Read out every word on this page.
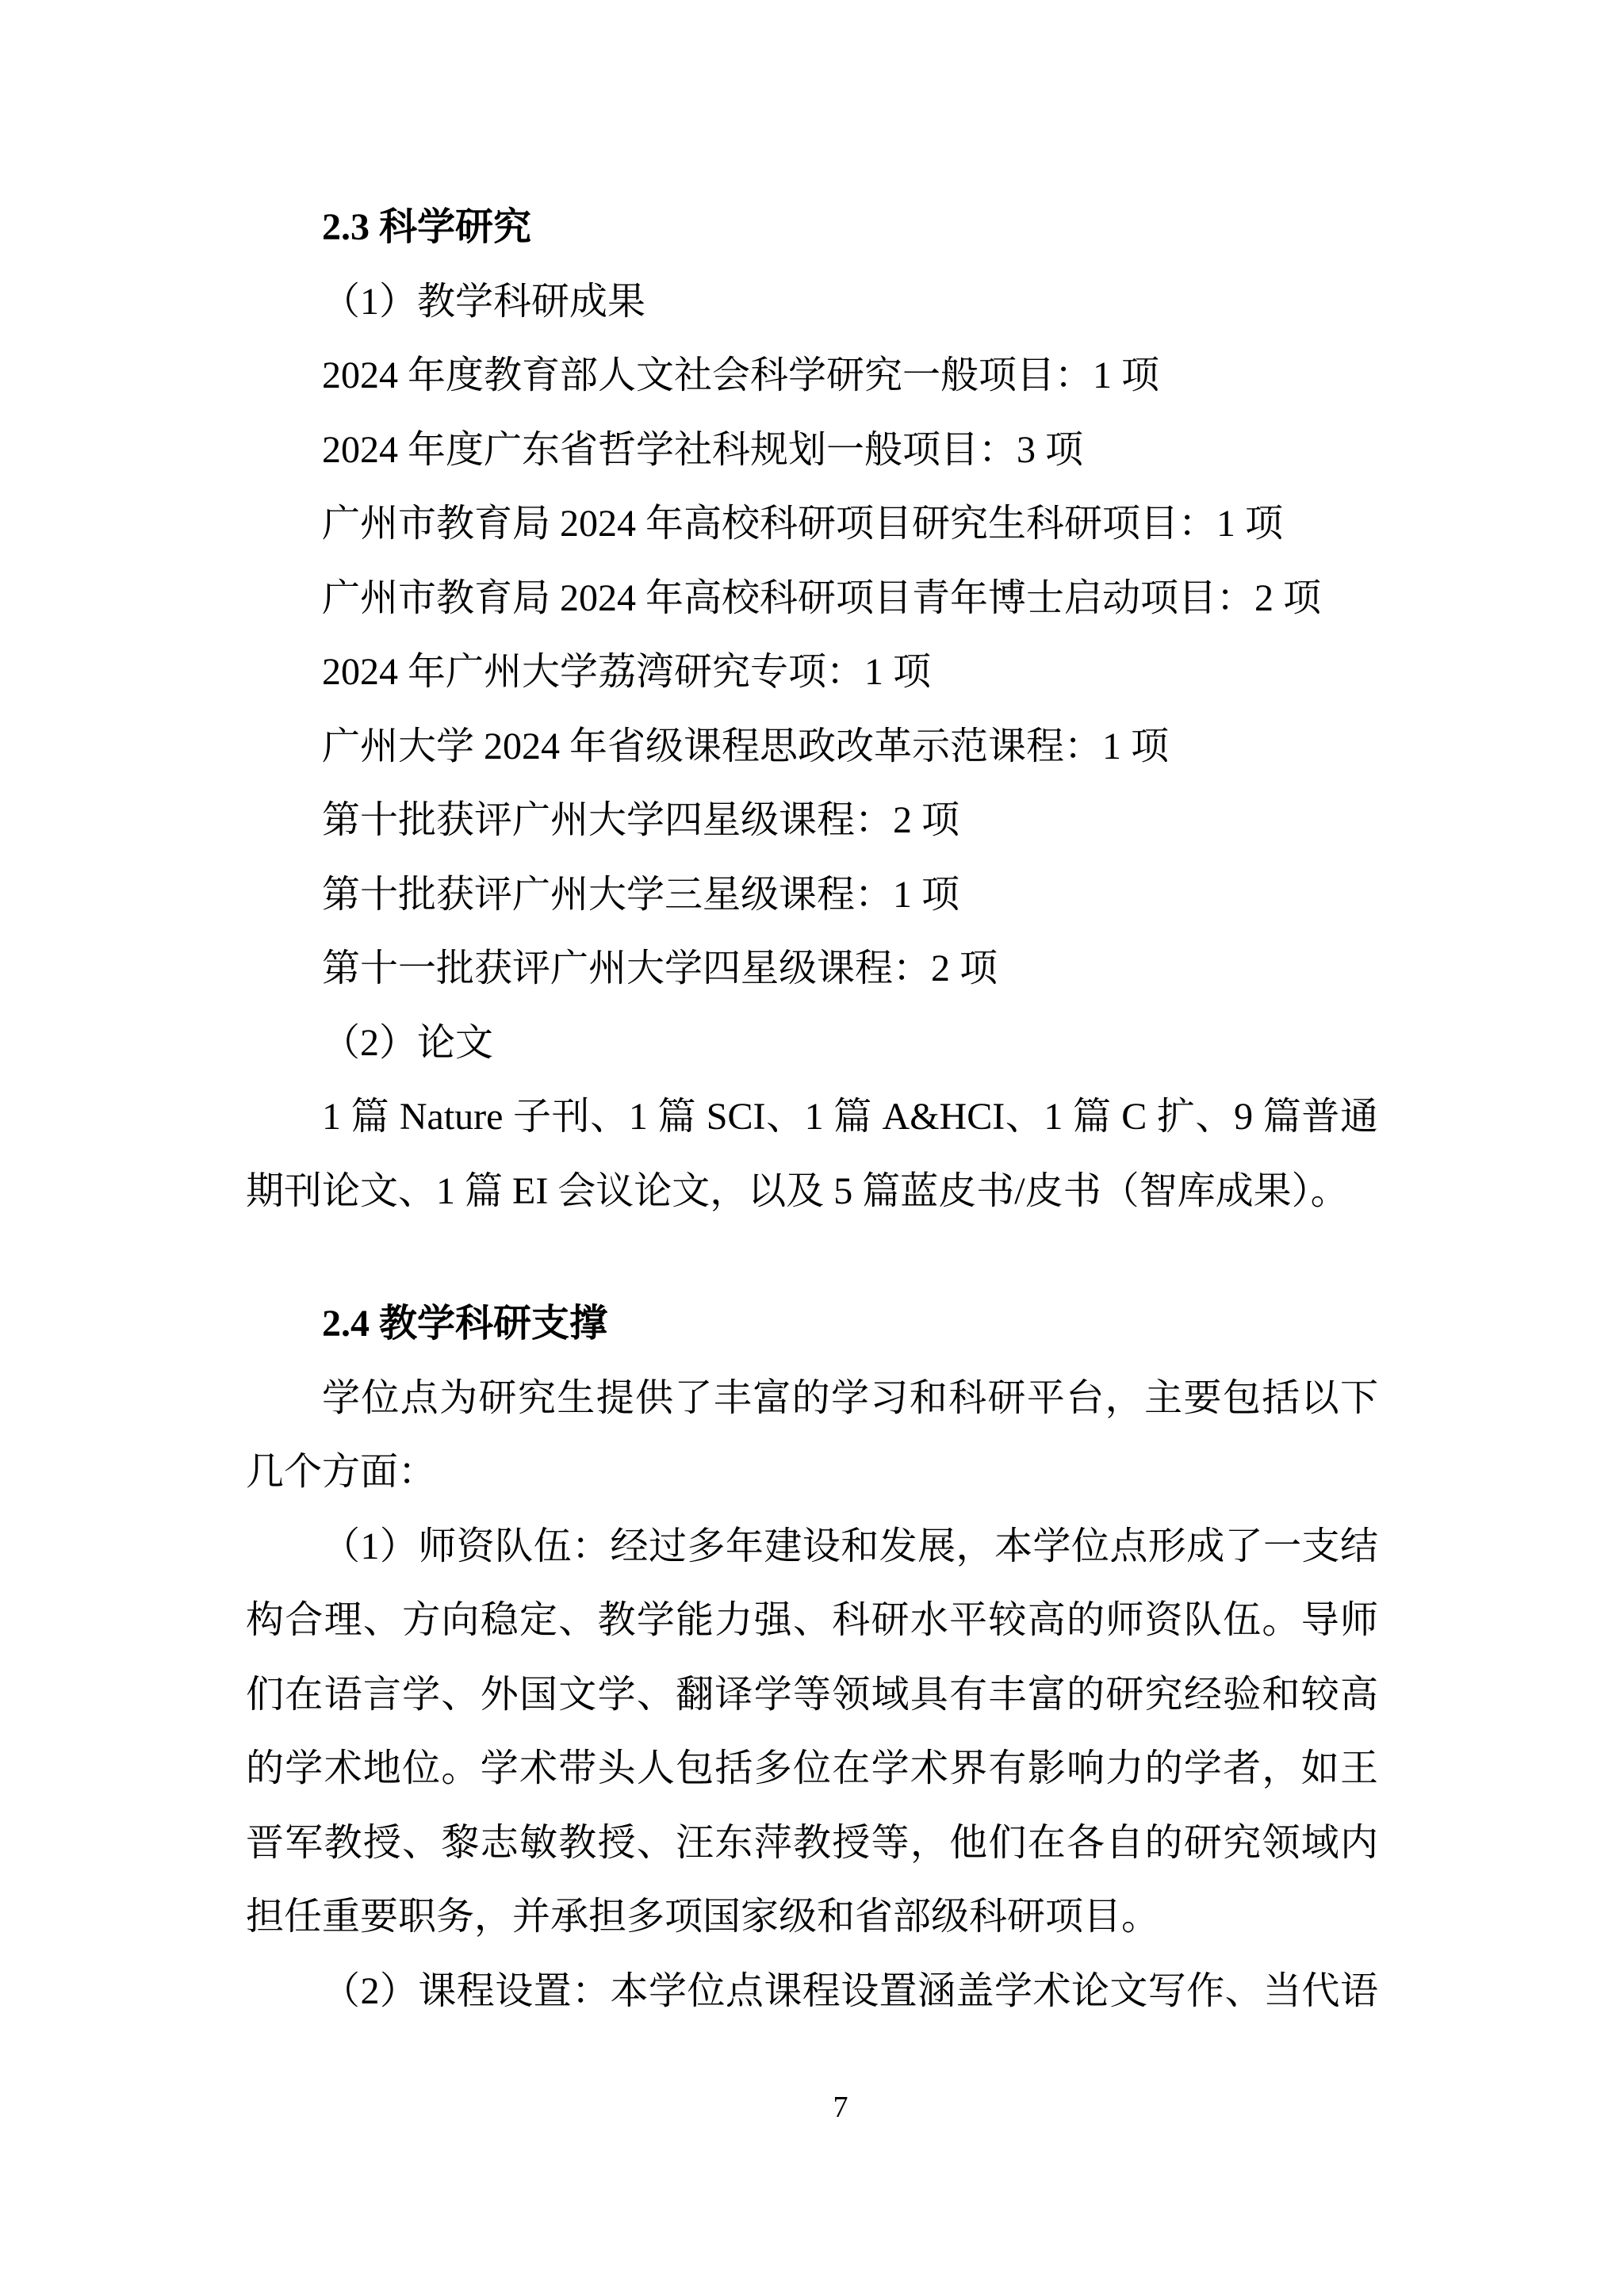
2.3 科学研究
（1）教学科研成果
2024 年度教育部人文社会科学研究一般项目：1 项
2024 年度广东省哲学社科规划一般项目：3 项
广州市教育局 2024 年高校科研项目研究生科研项目：1 项
广州市教育局 2024 年高校科研项目青年博士启动项目：2 项
2024 年广州大学荔湾研究专项：1 项
广州大学 2024 年省级课程思政改革示范课程：1 项
第十批获评广州大学四星级课程：2 项
第十批获评广州大学三星级课程：1 项
第十一批获评广州大学四星级课程：2 项
（2）论文
1 篇 Nature 子刊、1 篇 SCI、1 篇 A&HCI、1 篇 C 扩、9 篇普通
期刊论文、1 篇 EI 会议论文，以及 5 篇蓝皮书/皮书（智库成果）。
2.4 教学科研支撑
学位点为研究生提供了丰富的学习和科研平台，主要包括以下
几个方面：
（1）师资队伍：经过多年建设和发展，本学位点形成了一支结
构合理、方向稳定、教学能力强、科研水平较高的师资队伍。导师
们在语言学、外国文学、翻译学等领域具有丰富的研究经验和较高
的学术地位。学术带头人包括多位在学术界有影响力的学者，如王
晋军教授、黎志敏教授、汪东萍教授等，他们在各自的研究领域内
担任重要职务，并承担多项国家级和省部级科研项目。
（2）课程设置：本学位点课程设置涵盖学术论文写作、当代语
7
